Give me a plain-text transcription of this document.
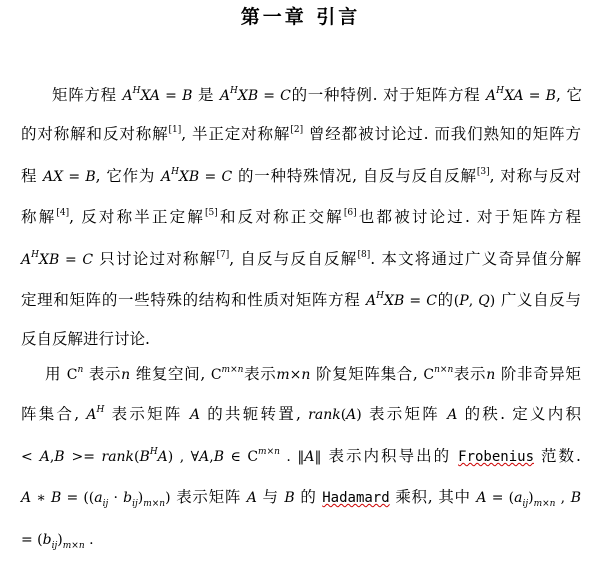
第一章 引言
矩阵方程 $A^HXA = B$ 是 $A^HXB = C$的一种特例. 对于矩阵方程 $A^HXA = B$, 它
的对称解和反对称解[1], 半正定对称解[2] 曾经都被讨论过. 而我们熟知的矩阵方
程 AX = B, 它作为 $A^HXB = C$ 的一种特殊情况, 自反与反自反解[3], 对称与反对
称解[4], 反对称半正定解[5]和反对称正交解[6]也都被讨论过. 对于矩阵方程
$A^HXB = C$ 只讨论过对称解[7], 自反与反自反解[8]. 本文将通过广义奇异值分解
定理和矩阵的一些特殊的结构和性质对矩阵方程 $A^HXB = C$的(P, Q) 广义自反与
反自反解进行讨论.
用 $C^n$ 表示n 维复空间, $C^{m\times n}$表示m×n 阶复矩阵集合, $C^{n\times n}$表示n 阶非奇异矩
阵集合, $A^H$ 表示矩阵 A 的共轭转置, rank(A) 表示矩阵 A 的秩. 定义内积
< $A,B >= rank(B^HA)$ , ∀A,B ∈ $C^{m\times n}$ . ‖A‖ 表示内积导出的 Frobenius 范数.
A ∗ $B = ((a_{ij} \cdot b_{ij})_{m\times n})$ 表示矩阵 A 与 B 的 Hadamard 乘积, 其中 $A = (a_{ij})_{m\times n}$ , B
= $(b_{ij})_{m\times n}$ .
